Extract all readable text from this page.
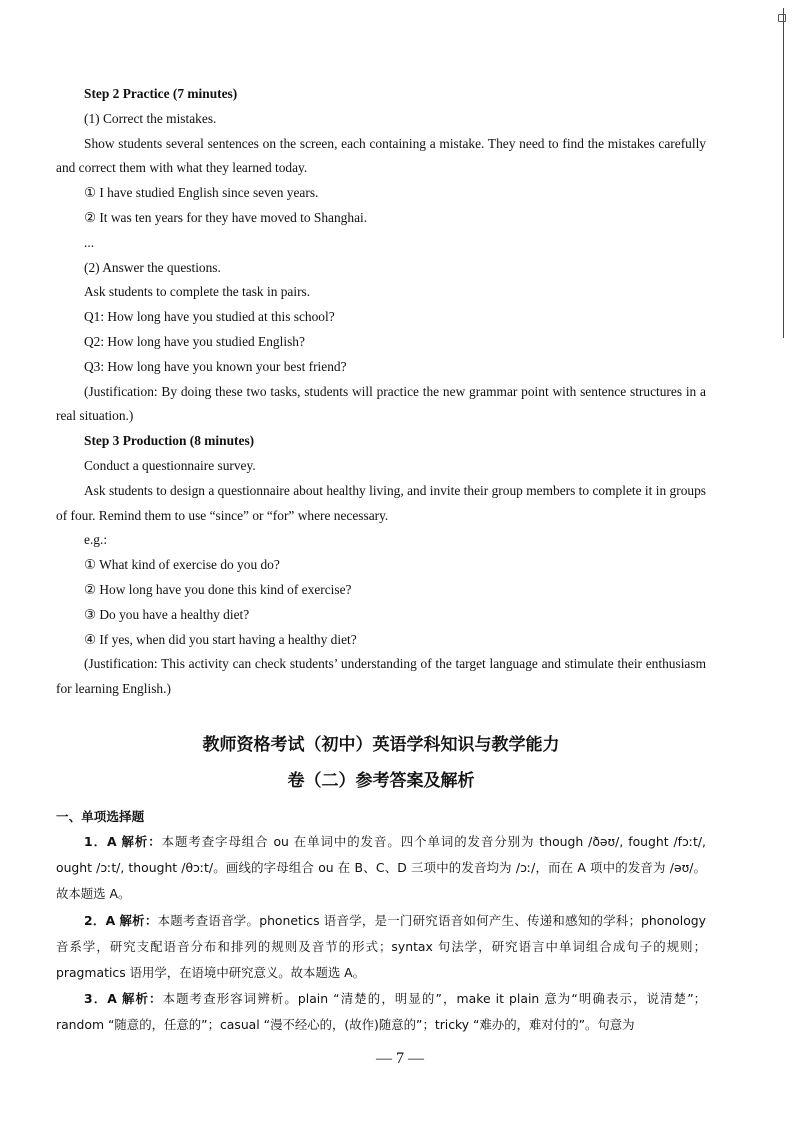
Step 2 Practice (7 minutes)

(1) Correct the mistakes.

Show students several sentences on the screen, each containing a mistake. They need to find the mistakes carefully and correct them with what they learned today.

① I have studied English since seven years.

② It was ten years for they have moved to Shanghai.

...

(2) Answer the questions.

Ask students to complete the task in pairs.

Q1: How long have you studied at this school?

Q2: How long have you studied English?

Q3: How long have you known your best friend?

(Justification: By doing these two tasks, students will practice the new grammar point with sentence structures in a real situation.)

Step 3 Production (8 minutes)

Conduct a questionnaire survey.

Ask students to design a questionnaire about healthy living, and invite their group members to complete it in groups of four. Remind them to use “since” or “for” where necessary.

e.g.:

① What kind of exercise do you do?

② How long have you done this kind of exercise?

③ Do you have a healthy diet?

④ If yes, when did you start having a healthy diet?

(Justification: This activity can check students’ understanding of the target language and stimulate their enthusiasm for learning English.)

教师资格考试（初中）英语学科知识与教学能力

卷（二）参考答案及解析

一、单项选择题

1．A 解析：本题考查字母组合 ou 在单词中的发音。四个单词的发音分别为 though /ðəʊ/, fought /fɔːt/, ought /ɔːt/, thought /θɔːt/。画线的字母组合 ou 在 B、C、D 三项中的发音均为 /ɔː/，而在 A 项中的发音为 /əʊ/。故本题选 A。

2．A 解析：本题考查语音学。phonetics 语音学，是一门研究语音如何产生、传递和感知的学科；phonology 音系学，研究支配语音分布和排列的规则及音节的形式；syntax 句法学，研究语言中单词组合成句子的规则；pragmatics 语用学，在语境中研究意义。故本题选 A。

3．A 解析：本题考查形容词辨析。plain “清楚的，明显的”，make it plain 意为“明确表示，说清楚”；random “随意的，任意的”；casual “漫不经心的，(故作)随意的”；tricky “难办的，难对付的”。句意为

— 7 —
